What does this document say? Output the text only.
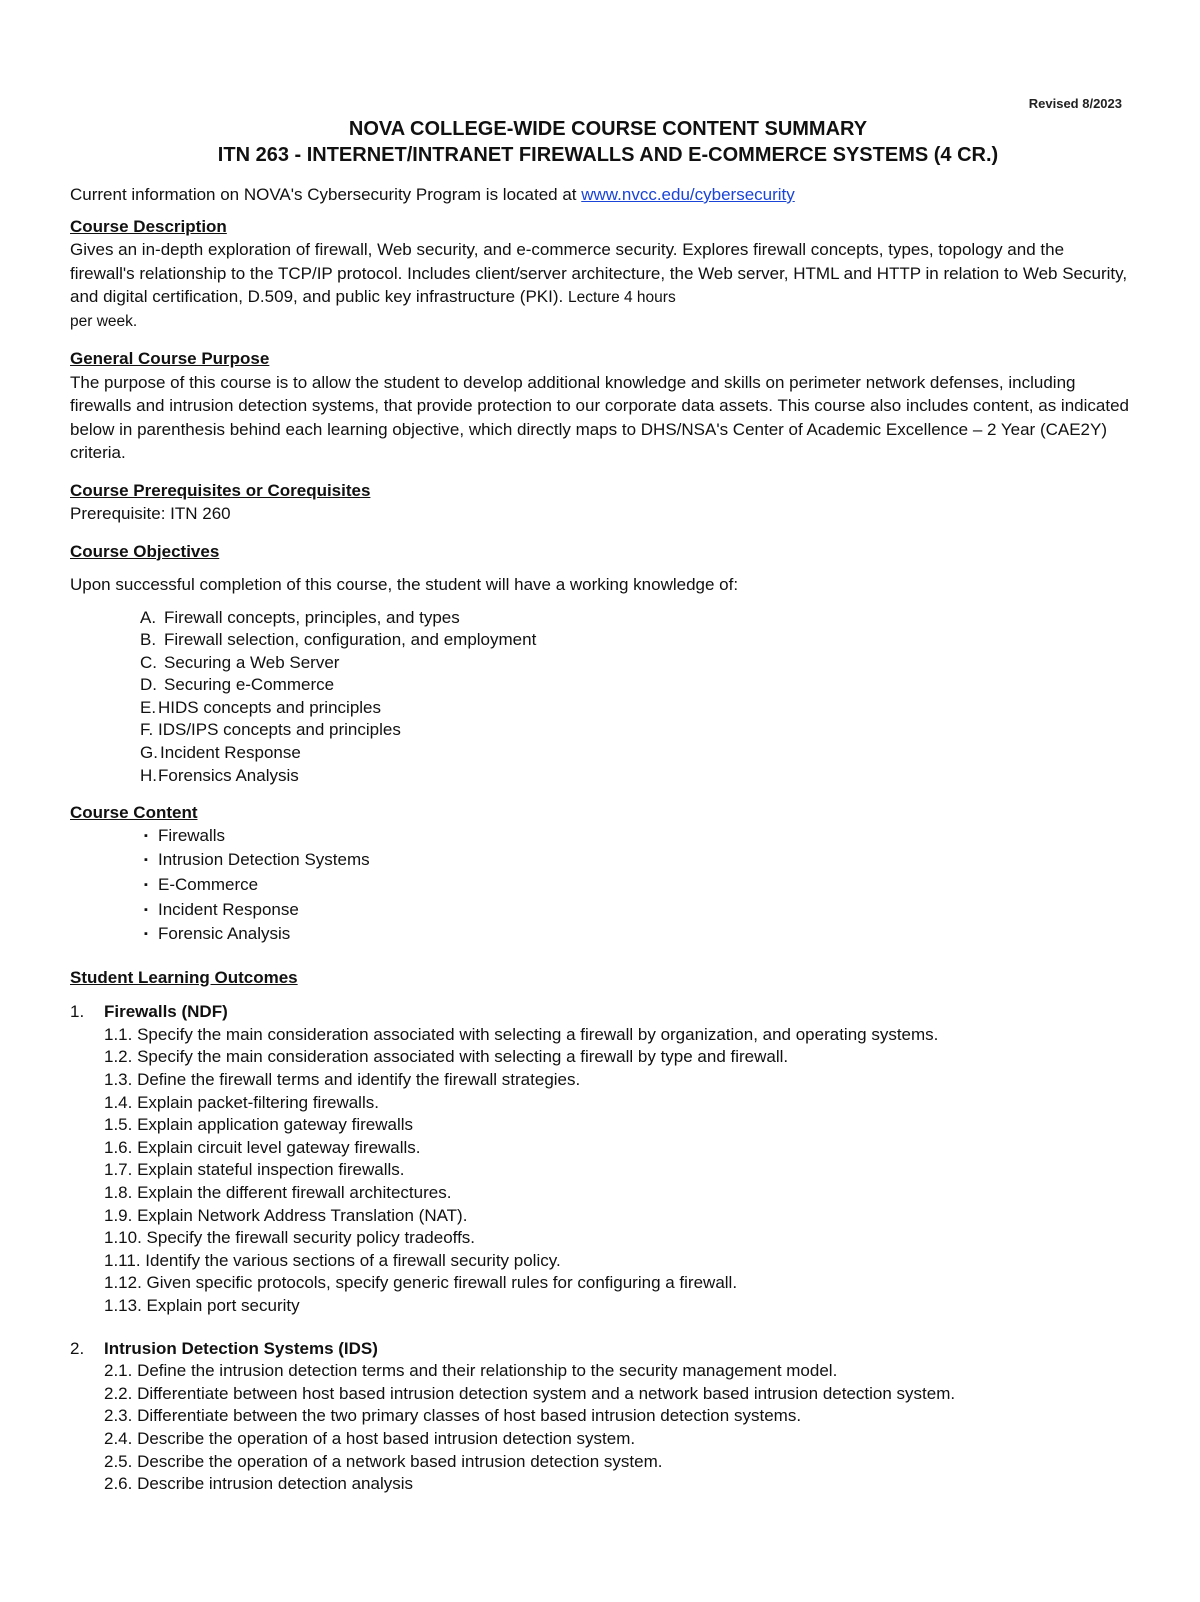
Revised 8/2023
NOVA COLLEGE-WIDE COURSE CONTENT SUMMARY
ITN 263 - INTERNET/INTRANET FIREWALLS AND E-COMMERCE SYSTEMS (4 CR.)

Current information on NOVA's Cybersecurity Program is located at www.nvcc.edu/cybersecurity

Course Description

Gives an in-depth exploration of firewall, Web security, and e-commerce security. Explores firewall concepts, types, topology and the firewall's relationship to the TCP/IP protocol. Includes client/server architecture, the Web server, HTML and HTTP in relation to Web Security, and digital certification, D.509, and public key infrastructure (PKI). Lecture 4 hours

per week.

General Course Purpose

The purpose of this course is to allow the student to develop additional knowledge and skills on perimeter network defenses, including firewalls and intrusion detection systems, that provide protection to our corporate data assets. This course also includes content, as indicated below in parenthesis behind each learning objective, which directly maps to DHS/NSA's Center of Academic Excellence – 2 Year (CAE2Y) criteria.

Course Prerequisites or Corequisites

Prerequisite: ITN 260

Course Objectives

Upon successful completion of this course, the student will have a working knowledge of:

A. Firewall concepts, principles, and types
B. Firewall selection, configuration, and employment
C. Securing a Web Server
D. Securing e-Commerce
E. HIDS concepts and principles
F. IDS/IPS concepts and principles
G. Incident Response
H.Forensics Analysis

Course Content

▪ Firewalls
▪ Intrusion Detection Systems
▪ E-Commerce
▪ Incident Response
▪ Forensic Analysis

Student Learning Outcomes

1. Firewalls (NDF)
1.1. Specify the main consideration associated with selecting a firewall by organization, and operating systems.
1.2. Specify the main consideration associated with selecting a firewall by type and firewall.
1.3. Define the firewall terms and identify the firewall strategies.
1.4. Explain packet-filtering firewalls.
1.5. Explain application gateway firewalls
1.6. Explain circuit level gateway firewalls.
1.7. Explain stateful inspection firewalls.
1.8. Explain the different firewall architectures.
1.9. Explain Network Address Translation (NAT).
1.10. Specify the firewall security policy tradeoffs.
1.11. Identify the various sections of a firewall security policy.
1.12. Given specific protocols, specify generic firewall rules for configuring a firewall.
1.13. Explain port security
2. Intrusion Detection Systems (IDS)
2.1. Define the intrusion detection terms and their relationship to the security management model.
2.2. Differentiate between host based intrusion detection system and a network based intrusion detection system.
2.3. Differentiate between the two primary classes of host based intrusion detection systems.
2.4. Describe the operation of a host based intrusion detection system.
2.5. Describe the operation of a network based intrusion detection system.
2.6. Describe intrusion detection analysis
